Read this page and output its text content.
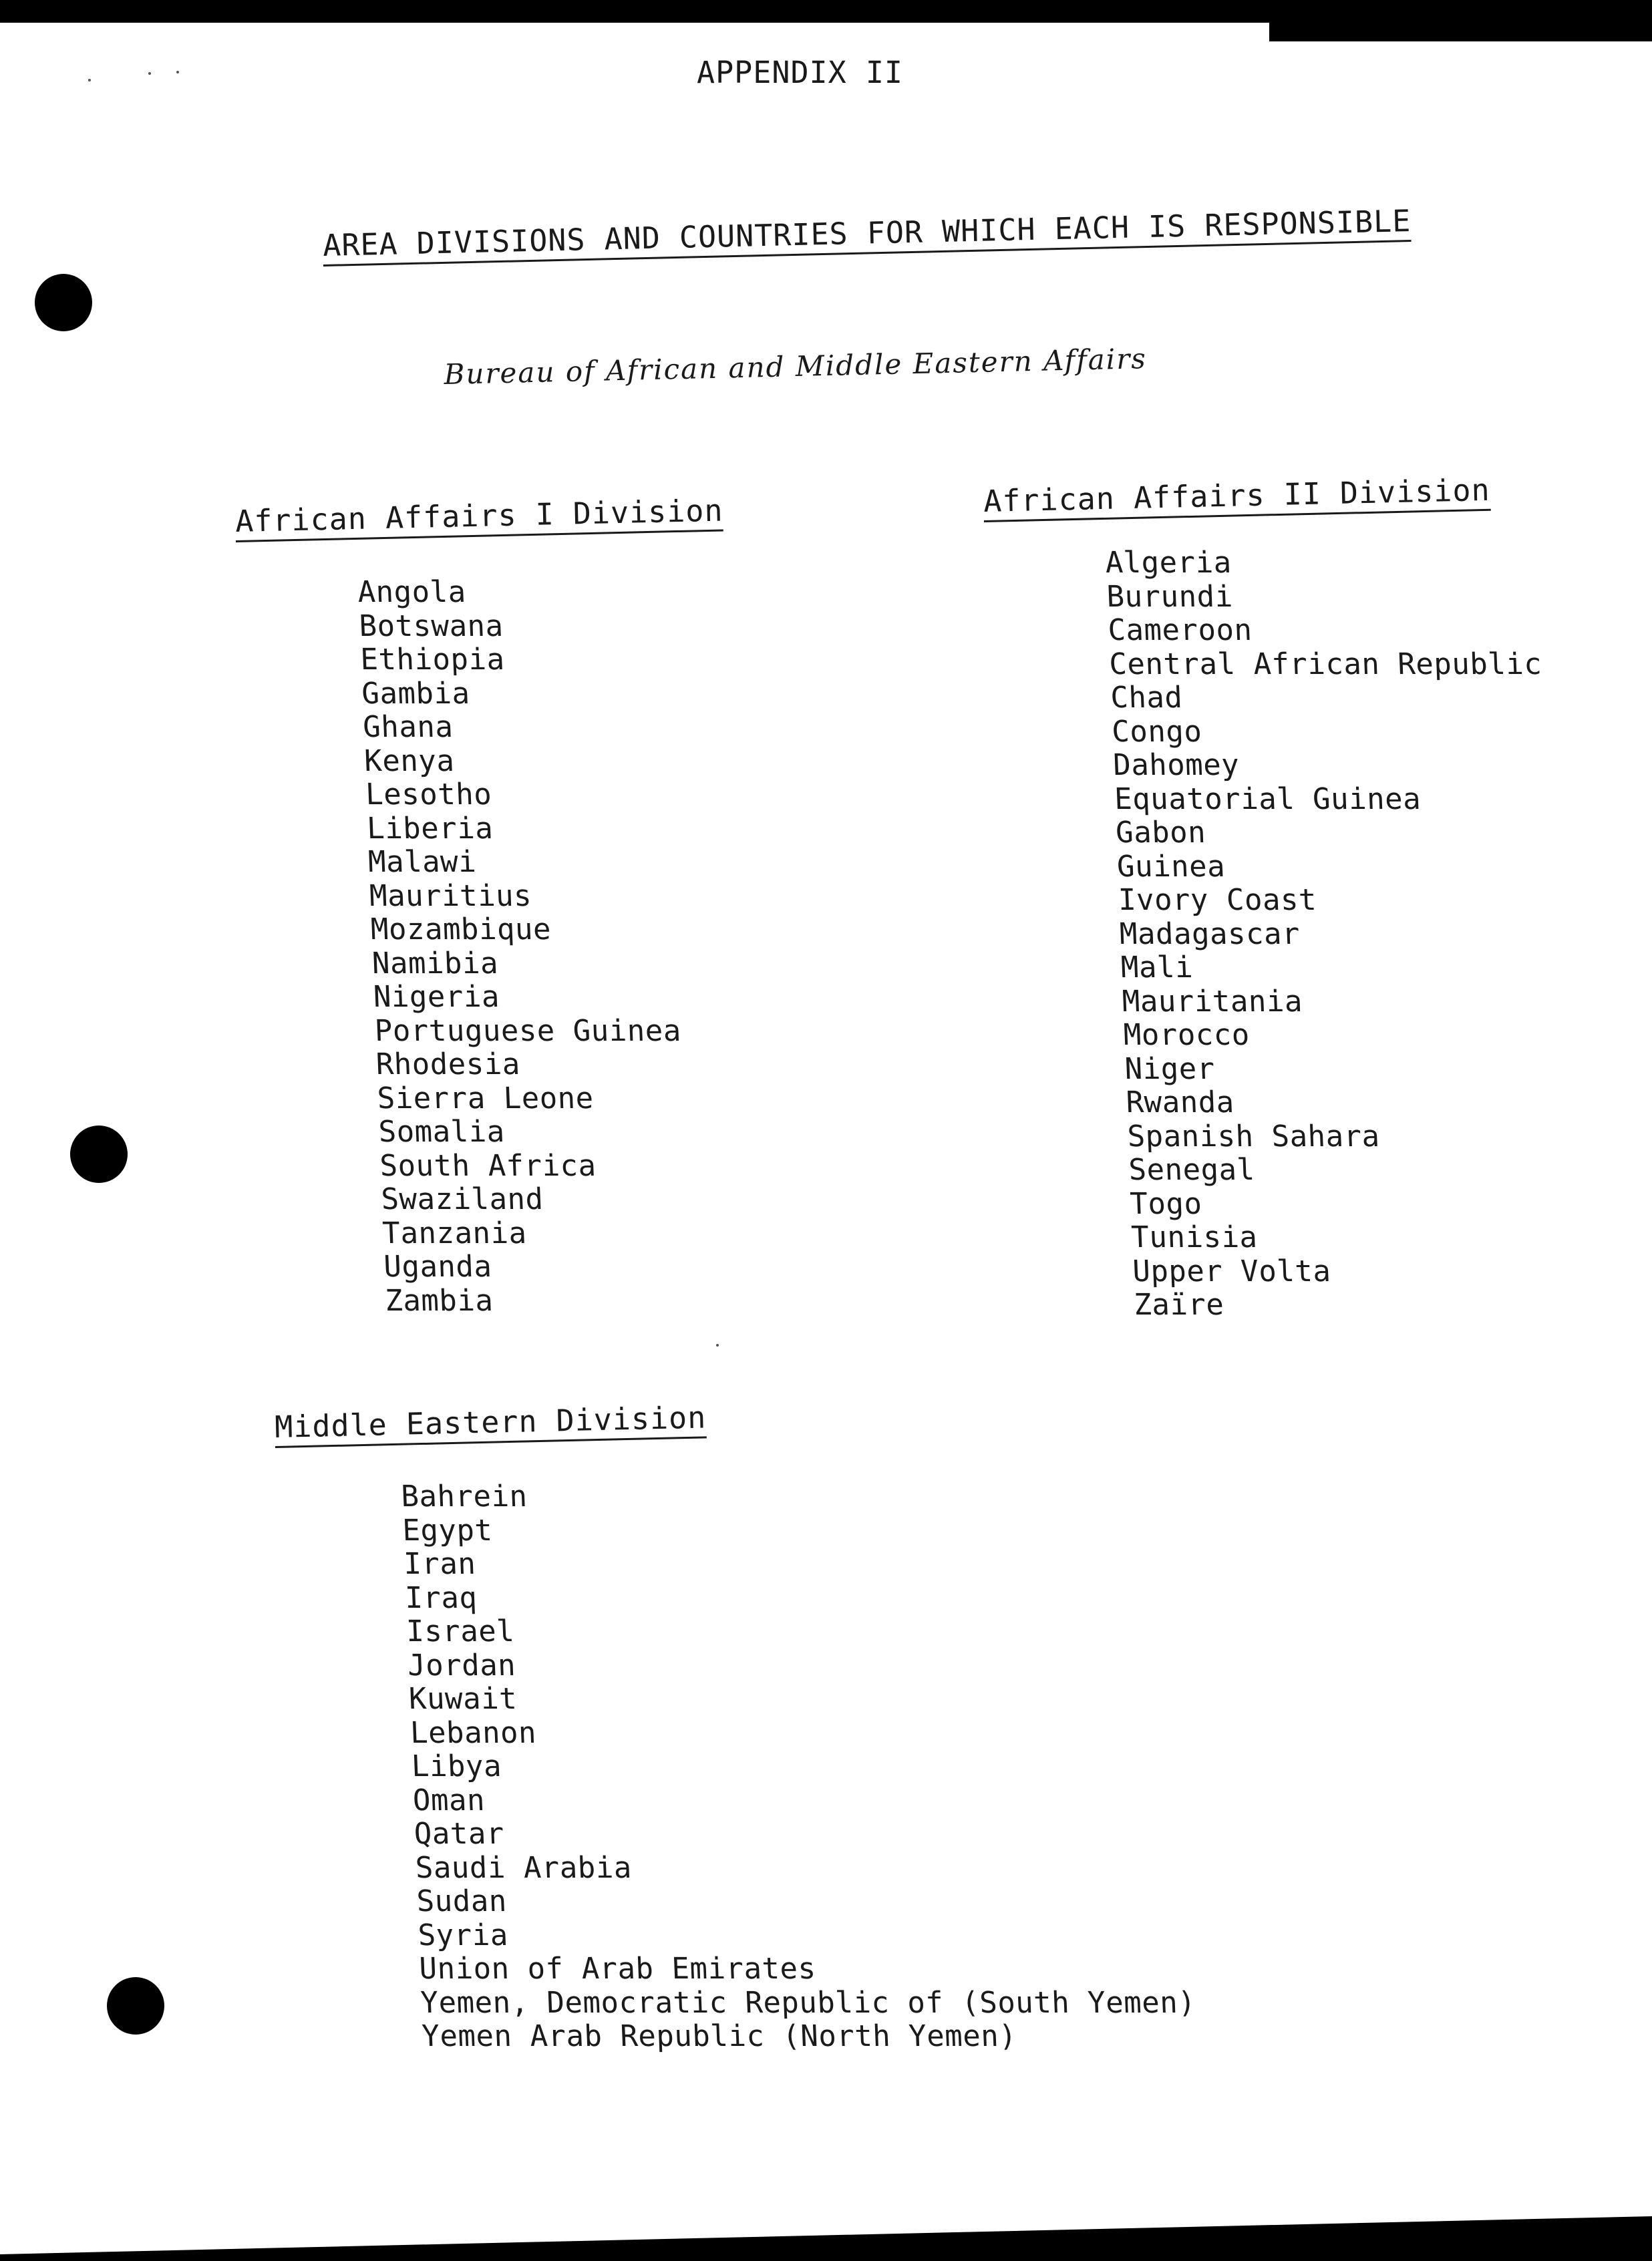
APPENDIX II
AREA DIVISIONS AND COUNTRIES FOR WHICH EACH IS RESPONSIBLE
Bureau of African and Middle Eastern Affairs
African Affairs I Division
Angola
Botswana
Ethiopia
Gambia
Ghana
Kenya
Lesotho
Liberia
Malawi
Mauritius
Mozambique
Namibia
Nigeria
Portuguese Guinea
Rhodesia
Sierra Leone
Somalia
South Africa
Swaziland
Tanzania
Uganda
Zambia
African Affairs II Division
Algeria
Burundi
Cameroon
Central African Republic
Chad
Congo
Dahomey
Equatorial Guinea
Gabon
Guinea
Ivory Coast
Madagascar
Mali
Mauritania
Morocco
Niger
Rwanda
Spanish Sahara
Senegal
Togo
Tunisia
Upper Volta
Zaïre
Middle Eastern Division
Bahrein
Egypt
Iran
Iraq
Israel
Jordan
Kuwait
Lebanon
Libya
Oman
Qatar
Saudi Arabia
Sudan
Syria
Union of Arab Emirates
Yemen, Democratic Republic of (South Yemen)
Yemen Arab Republic (North Yemen)
